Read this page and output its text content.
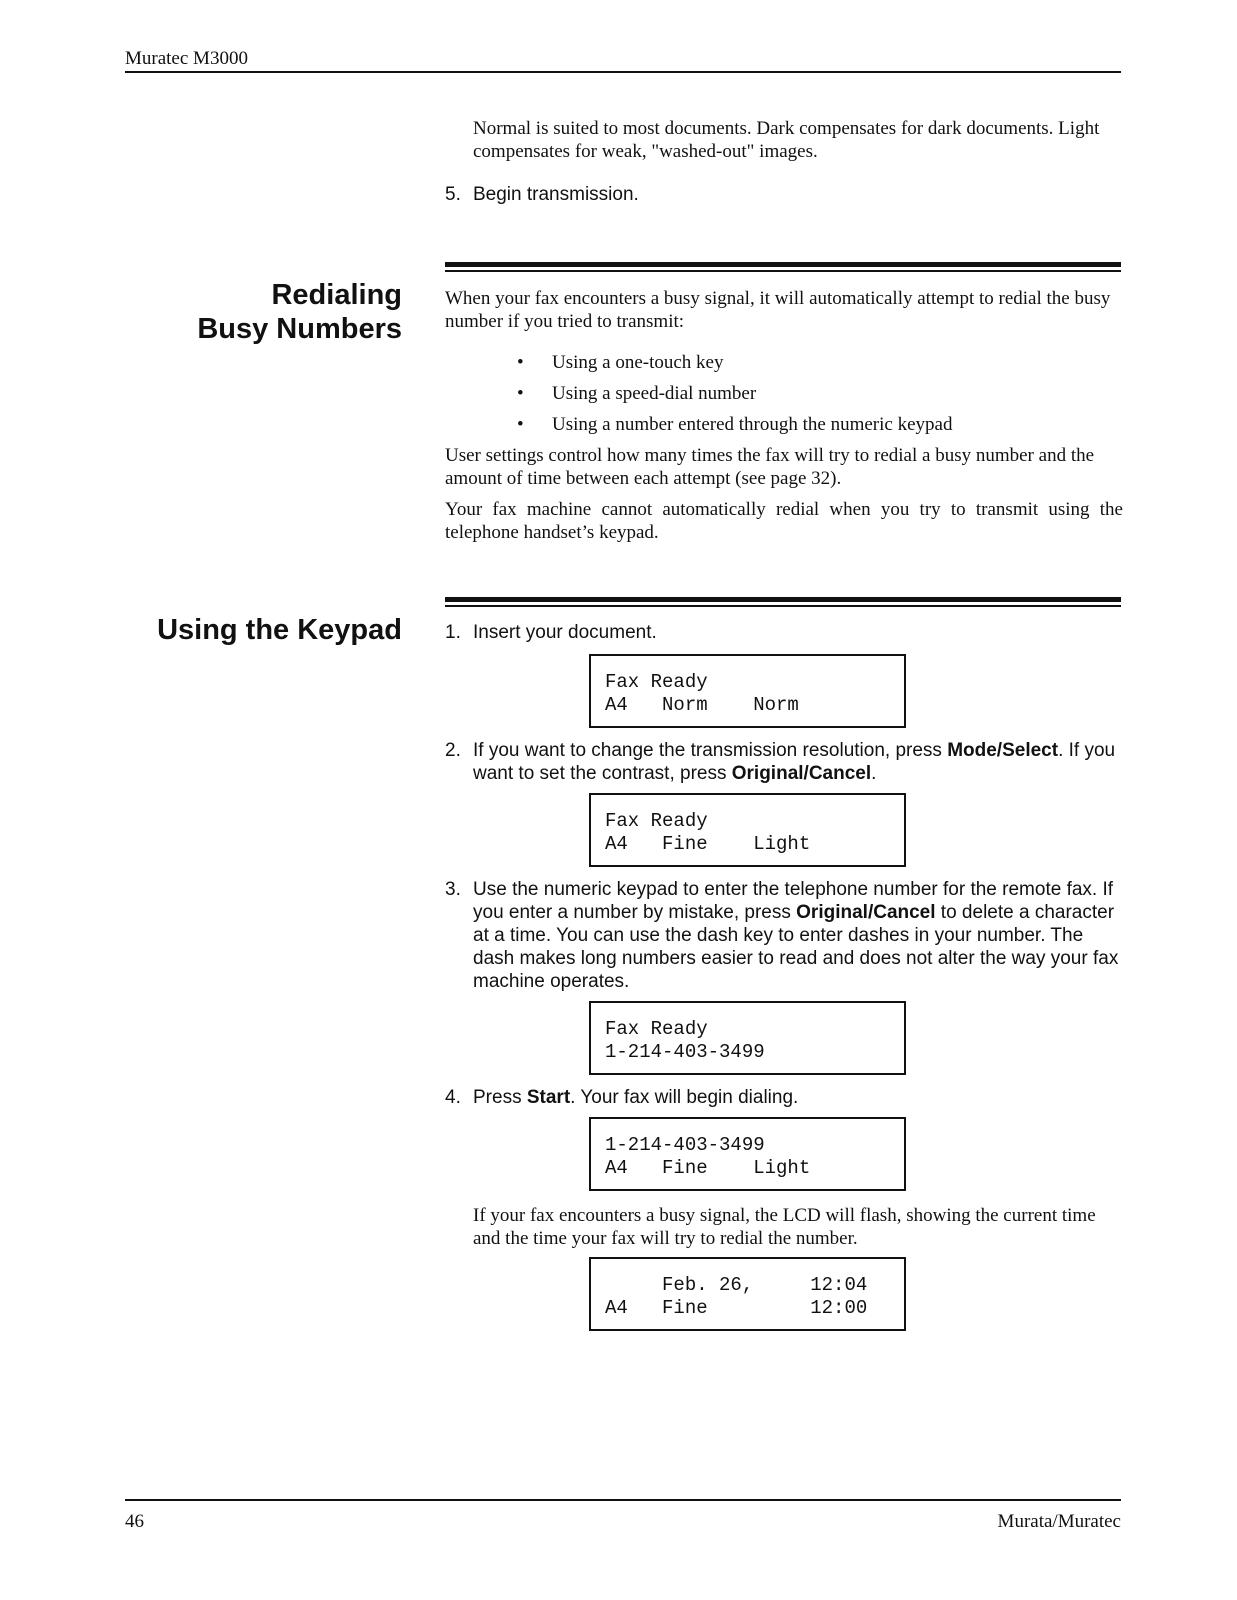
Muratec M3000
Normal is suited to most documents. Dark compensates for dark documents. Light compensates for weak, "washed-out" images.
5. Begin transmission.
Redialing
Busy Numbers
When your fax encounters a busy signal, it will automatically attempt to redial the busy number if you tried to transmit:
• Using a one-touch key
• Using a speed-dial number
• Using a number entered through the numeric keypad
User settings control how many times the fax will try to redial a busy number and the amount of time between each attempt (see page 32).
Your fax machine cannot automatically redial when you try to transmit using the telephone handset’s keypad.
Using the Keypad 1. Insert your document.
Fax Ready
A4   Norm    Norm
2. If you want to change the transmission resolution, press Mode/Select. If you want to set the contrast, press Original/Cancel.
Fax Ready
A4   Fine    Light
3. Use the numeric keypad to enter the telephone number for the remote fax. If you enter a number by mistake, press Original/Cancel to delete a character at a time. You can use the dash key to enter dashes in your number. The dash makes long numbers easier to read and does not alter the way your fax machine operates.
Fax Ready
1-214-403-3499
4. Press Start. Your fax will begin dialing.
1-214-403-3499
A4   Fine    Light
If your fax encounters a busy signal, the LCD will flash, showing the current time and the time your fax will try to redial the number.
Feb. 26,     12:04
A4   Fine         12:00
46	Murata/Muratec
